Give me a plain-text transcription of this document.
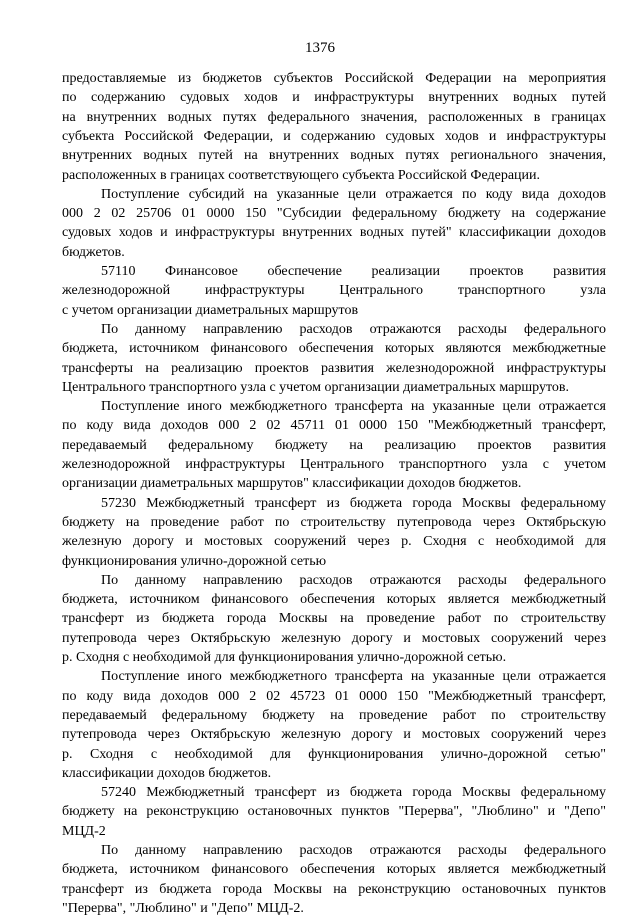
1376
предоставляемые из бюджетов субъектов Российской Федерации на мероприятия
по содержанию судовых ходов и инфраструктуры внутренних водных путей
на внутренних водных путях федерального значения, расположенных в границах
субъекта Российской Федерации, и содержанию судовых ходов и инфраструктуры
внутренних водных путей на внутренних водных путях регионального значения,
расположенных в границах соответствующего субъекта Российской Федерации.
Поступление субсидий на указанные цели отражается по коду вида доходов
000 2 02 25706 01 0000 150 "Субсидии федеральному бюджету на содержание
судовых ходов и инфраструктуры внутренних водных путей" классификации доходов
бюджетов.
57110 Финансовое обеспечение реализации проектов развития
железнодорожной инфраструктуры Центрального транспортного узла
с учетом организации диаметральных маршрутов
По данному направлению расходов отражаются расходы федерального
бюджета, источником финансового обеспечения которых являются межбюджетные
трансферты на реализацию проектов развития железнодорожной инфраструктуры
Центрального транспортного узла с учетом организации диаметральных маршрутов.
Поступление иного межбюджетного трансферта на указанные цели отражается
по коду вида доходов 000 2 02 45711 01 0000 150 "Межбюджетный трансферт,
передаваемый федеральному бюджету на реализацию проектов развития
железнодорожной инфраструктуры Центрального транспортного узла с учетом
организации диаметральных маршрутов" классификации доходов бюджетов.
57230 Межбюджетный трансферт из бюджета города Москвы федеральному
бюджету на проведение работ по строительству путепровода через Октябрьскую
железную дорогу и мостовых сооружений через р. Сходня с необходимой для
функционирования улично-дорожной сетью
По данному направлению расходов отражаются расходы федерального
бюджета, источником финансового обеспечения которых является межбюджетный
трансферт из бюджета города Москвы на проведение работ по строительству
путепровода через Октябрьскую железную дорогу и мостовых сооружений через
р. Сходня с необходимой для функционирования улично-дорожной сетью.
Поступление иного межбюджетного трансферта на указанные цели отражается
по коду вида доходов 000 2 02 45723 01 0000 150 "Межбюджетный трансферт,
передаваемый федеральному бюджету на проведение работ по строительству
путепровода через Октябрьскую железную дорогу и мостовых сооружений через
р. Сходня с необходимой для функционирования улично-дорожной сетью"
классификации доходов бюджетов.
57240 Межбюджетный трансферт из бюджета города Москвы федеральному
бюджету на реконструкцию остановочных пунктов "Перерва", "Люблино" и "Депо"
МЦД-2
По данному направлению расходов отражаются расходы федерального
бюджета, источником финансового обеспечения которых является межбюджетный
трансферт из бюджета города Москвы на реконструкцию остановочных пунктов
"Перерва", "Люблино" и "Депо" МЦД-2.
